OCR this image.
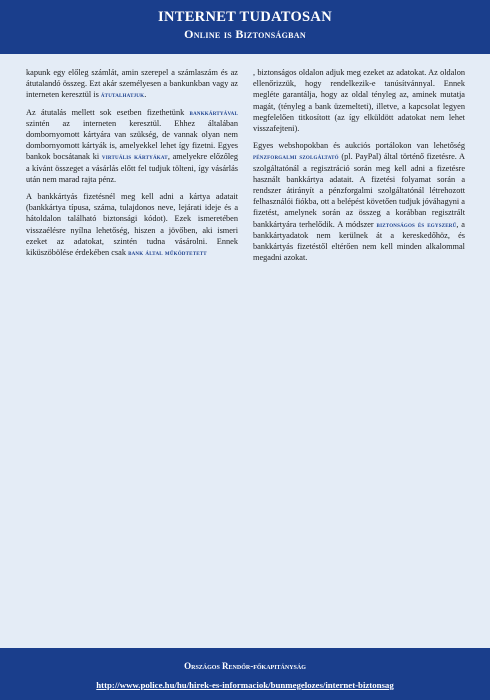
INTERNET TUDATOSAN
Online is Biztonságban

kapunk egy előleg számlát, amin szerepel a számlaszám és az átutalandó összeg. Ezt akár személyesen a bankunkban vagy az interneten keresztül is átutalhatjuk.

Az átutalás mellett sok esetben fizethetünk bankkártyával szintén az interneten keresztül. Ehhez általában dombornyomott kártyára van szükség, de vannak olyan nem dombornyomott kártyák is, amelyekkel lehet így fizetni. Egyes bankok bocsátanak ki virtuális kártyákat, amelyekre előzőleg a kívánt összeget a vásárlás előtt fel tudjuk tölteni, így vásárlás után nem marad rajta pénz.

A bankkártyás fizetésnél meg kell adni a kártya adatait (bankkártya típusa, száma, tulajdonos neve, lejárati ideje és a hátoldalon található biztonsági kódot). Ezek ismeretében visszaélésre nyílna lehetőség, hiszen a jövőben, aki ismeri ezeket az adatokat, szintén tudna vásárolni. Ennek kiküszöbölése érdekében csak bank által működtetett

, biztonságos oldalon adjuk meg ezeket az adatokat. Az oldalon ellenőrizzük, hogy rendelkezik-e tanúsítvánnyal. Ennek megléte garantálja, hogy az oldal tényleg az, aminek mutatja magát, (tényleg a bank üzemelteti), illetve, a kapcsolat legyen megfelelően titkosított (az így elküldött adatokat nem lehet visszafejteni).

Egyes webshopokban és aukciós portálokon van lehetőség pénzforgalmi szolgáltató (pl. PayPal) által történő fizetésre. A szolgáltatónál a regisztráció során meg kell adni a fizetésre használt bankkártya adatait. A fizetési folyamat során a rendszer átirányít a pénzforgalmi szolgáltatónál létrehozott felhasználói fiókba, ott a belépést követően tudjuk jóváhagyni a fizetést, amelynek során az összeg a korábban regisztrált bankkártyára terhelődik. A módszer biztonságos és egyszerű, a bankkártyadatok nem kerülnek át a kereskedőhöz, és bankkártyás fizetéstől eltérően nem kell minden alkalommal megadni azokat.

Országos Rendőr-főkapitányság
http://www.police.hu/hu/hirek-es-informaciok/bunmegelozes/internet-biztonsag
